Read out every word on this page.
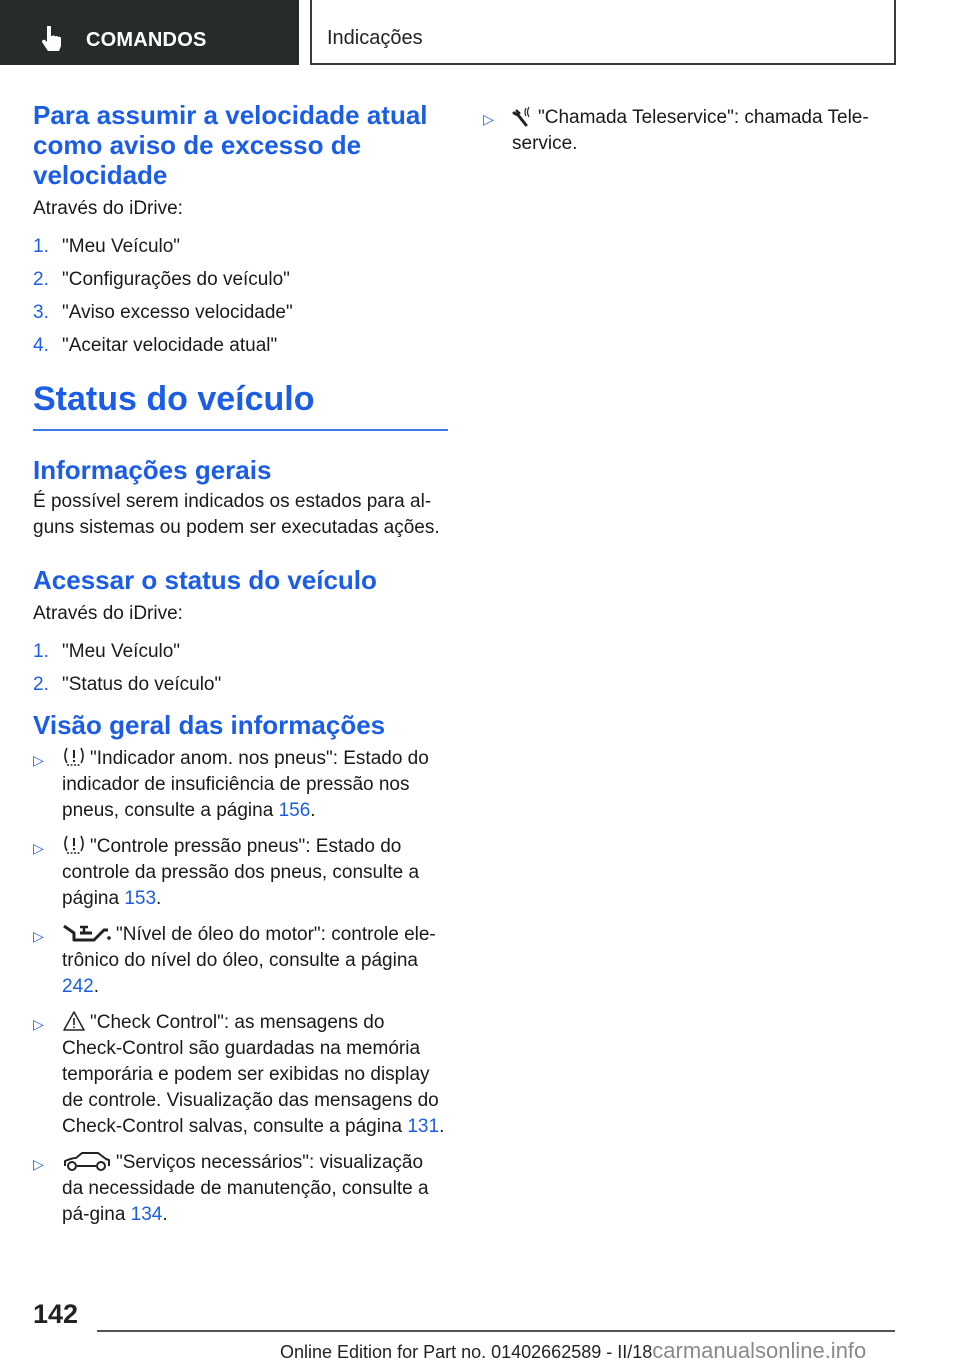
COMANDOS	Indicações
Para assumir a velocidade atual como aviso de excesso de velocidade
Através do iDrive:
1. "Meu Veículo"
2. "Configurações do veículo"
3. "Aviso excesso velocidade"
4. "Aceitar velocidade atual"
Status do veículo
Informações gerais
É possível serem indicados os estados para al-guns sistemas ou podem ser executadas ações.
Acessar o status do veículo
Através do iDrive:
1. "Meu Veículo"
2. "Status do veículo"
Visão geral das informações
▷ "Indicador anom. nos pneus": Estado do indicador de insuficiência de pressão nos pneus, consulte a página 156.
▷ "Controle pressão pneus": Estado do controle da pressão dos pneus, consulte a página 153.
▷	"Nível de óleo do motor": controle ele-trônico do nível do óleo, consulte a página 242.
▷ "Check Control": as mensagens do Check-Control são guardadas na memória temporária e podem ser exibidas no display de controle. Visualização das mensagens do Check-Control salvas, consulte a página 131.
▷	"Serviços necessários": visualização da necessidade de manutenção, consulte a pá-gina 134.
▷ "Chamada Teleservice": chamada Tele-service.
142
Online Edition for Part no. 01402662589 - II/18carmanualsonline.info
